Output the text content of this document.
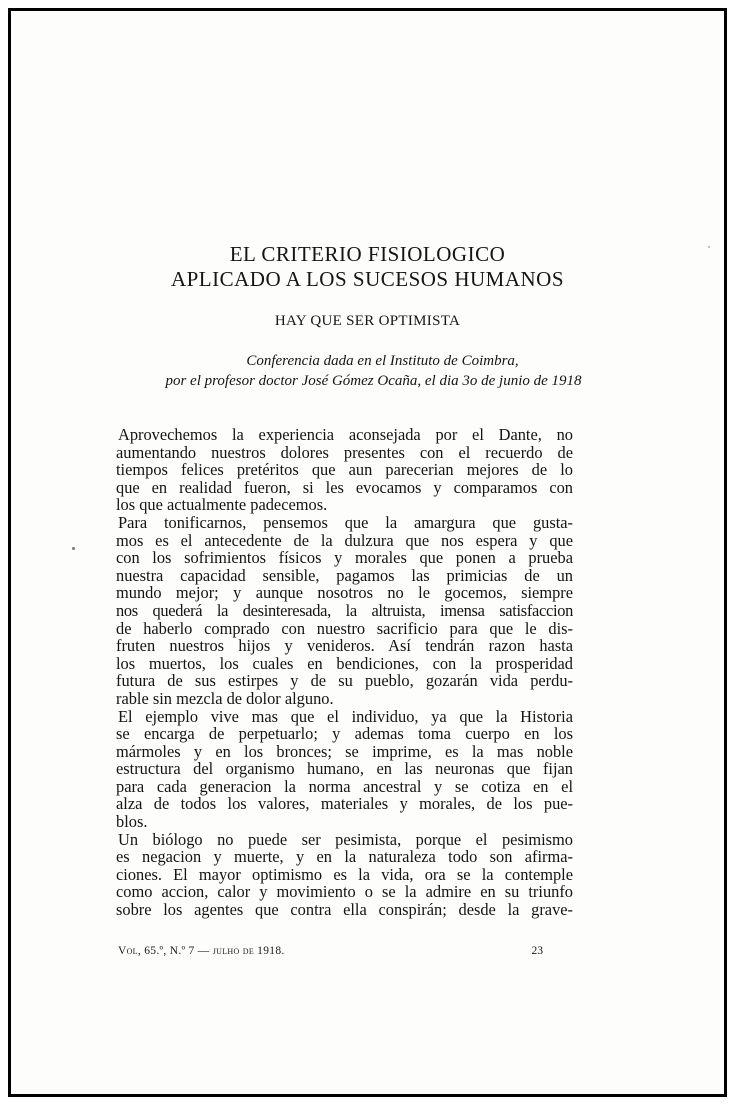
EL CRITERIO FISIOLOGICO
APLICADO A LOS SUCESOS HUMANOS
HAY QUE SER OPTIMISTA
Conferencia dada en el Instituto de Coimbra,
por el profesor doctor José Gómez Ocaña, el dia 3o de junio de 1918
Aprovechemos la experiencia aconsejada por el Dante, no
aumentando nuestros dolores presentes con el recuerdo de
tiempos felices pretéritos que aun parecerian mejores de lo
que en realidad fueron, si les evocamos y comparamos con
los que actualmente padecemos.
Para tonificarnos, pensemos que la amargura que gusta-
mos es el antecedente de la dulzura que nos espera y que
con los sofrimientos físicos y morales que ponen a prueba
nuestra capacidad sensible, pagamos las primicias de un
mundo mejor; y aunque nosotros no le gocemos, siempre
nos quederá la desinteresada, la altruista, imensa satisfaccion
de haberlo comprado con nuestro sacrificio para que le dis-
fruten nuestros hijos y venideros. Así tendrán razon hasta
los muertos, los cuales en bendiciones, con la prosperidad
futura de sus estirpes y de su pueblo, gozarán vida perdu-
rable sin mezcla de dolor alguno.
El ejemplo vive mas que el individuo, ya que la Historia
se encarga de perpetuarlo; y ademas toma cuerpo en los
mármoles y en los bronces; se imprime, es la mas noble
estructura del organismo humano, en las neuronas que fijan
para cada generacion la norma ancestral y se cotiza en el
alza de todos los valores, materiales y morales, de los pue-
blos.
Un biólogo no puede ser pesimista, porque el pesimismo
es negacion y muerte, y en la naturaleza todo son afirma-
ciones. El mayor optimismo es la vida, ora se la contemple
como accion, calor y movimiento o se la admire en su triunfo
sobre los agentes que contra ella conspirán; desde la grave-
Vol, 65.º, N.º 7 — julho de 1918.	23
